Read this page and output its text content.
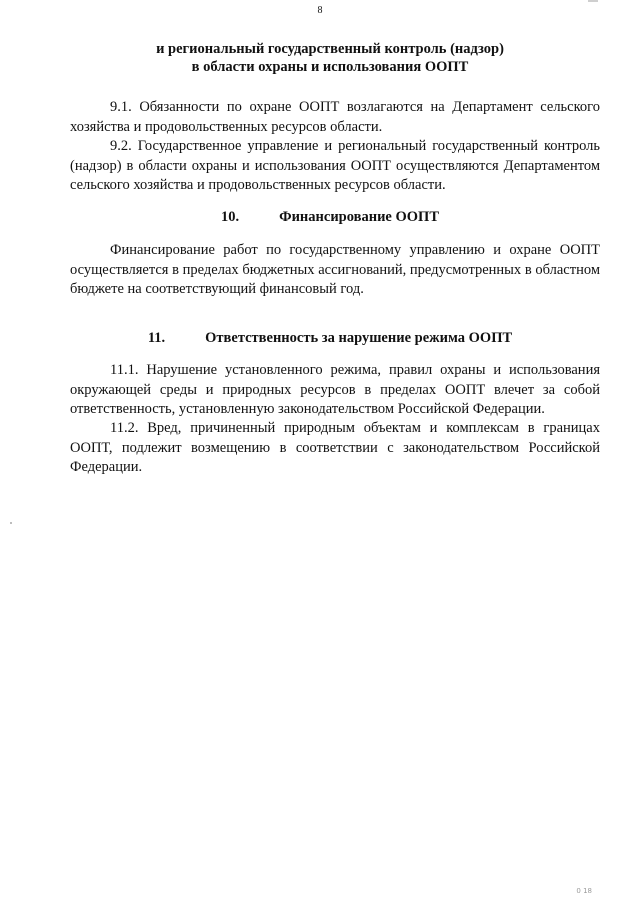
8
и региональный государственный контроль (надзор)
в области охраны и использования ООПТ

9.1. Обязанности по охране ООПТ возлагаются на Департамент сельского хозяйства и продовольственных ресурсов области.

9.2. Государственное управление и региональный государственный контроль (надзор) в области охраны и использования ООПТ осуществляются Департаментом сельского хозяйства и продовольственных ресурсов области.

10.	Финансирование ООПТ

Финансирование работ по государственному управлению и охране ООПТ осуществляется в пределах бюджетных ассигнований, предусмотренных в областном бюджете на соответствующий финансовый год.

11.	Ответственность за нарушение режима ООПТ

11.1. Нарушение установленного режима, правил охраны и использования окружающей среды и природных ресурсов в пределах ООПТ влечет за собой ответственность, установленную законодательством Российской Федерации.

11.2. Вред, причиненный природным объектам и комплексам в границах ООПТ, подлежит возмещению в соответствии с законодательством Российской Федерации.

0 18
